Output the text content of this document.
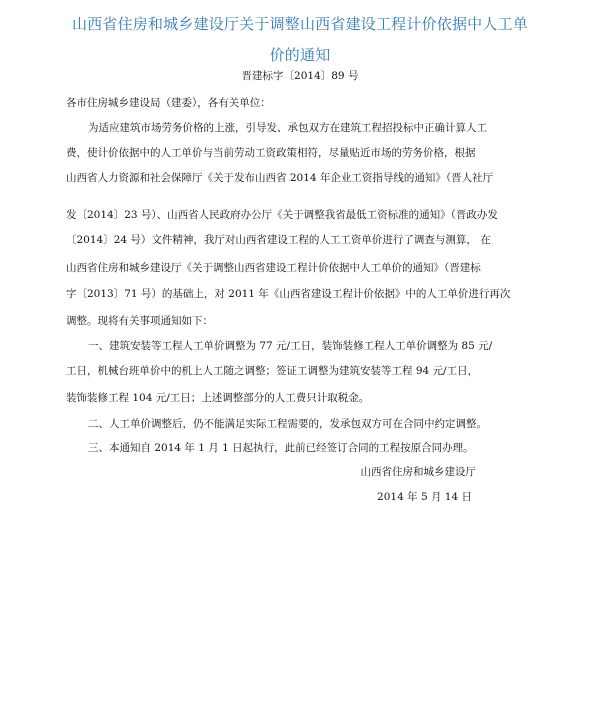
山西省住房和城乡建设厅关于调整山西省建设工程计价依据中人工单
价的通知
晋建标字〔2014〕89 号
各市住房城乡建设局（建委），各有关单位：
为适应建筑市场劳务价格的上涨，引导发、承包双方在建筑工程招投标中正确计算人工
费，使计价依据中的人工单价与当前劳动工资政策相符，尽量贴近市场的劳务价格，根据
山西省人力资源和社会保障厅《关于发布山西省 2014 年企业工资指导线的通知》（晋人社厅
发〔2014〕23 号）、山西省人民政府办公厅《关于调整我省最低工资标准的通知》（晋政办发
〔2014〕24 号）文件精神，我厅对山西省建设工程的人工工资单价进行了调查与测算， 在
山西省住房和城乡建设厅《关于调整山西省建设工程计价依据中人工单价的通知》（晋建标
字〔2013〕71 号）的基础上，对 2011 年《山西省建设工程计价依据》中的人工单价进行再次
调整。现将有关事项通知如下：
一、建筑安装等工程人工单价调整为 77 元/工日，装饰装修工程人工单价调整为 85 元/
工日，机械台班单价中的机上人工随之调整；签证工调整为建筑安装等工程 94 元/工日，
装饰装修工程 104 元/工日；上述调整部分的人工费只计取税金。
二、人工单价调整后，仍不能满足实际工程需要的，发承包双方可在合同中约定调整。
三、本通知自 2014 年 1 月 1 日起执行，此前已经签订合同的工程按原合同办理。
山西省住房和城乡建设厅
2014 年 5 月 14 日
